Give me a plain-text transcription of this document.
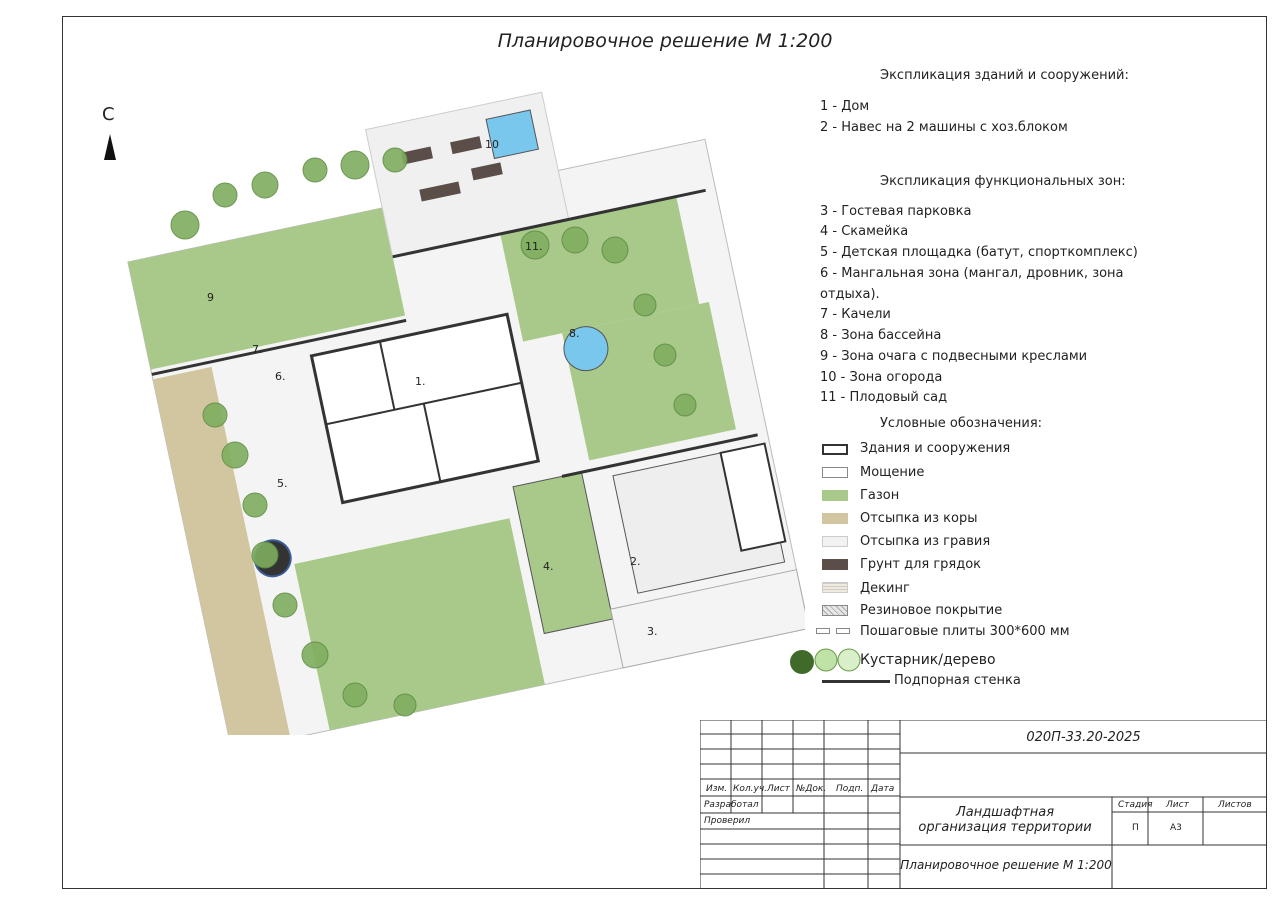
Планировочное решение М 1:200
С
1.
2.
3.
4.
5.
6.
7.
8.
9
10
11.
Экспликация зданий и сооружений:
1 - Дом
2 - Навес на 2 машины с хоз.блоком
Экспликация функциональных зон:
3 - Гостевая парковка
4 - Скамейка
5 - Детская площадка (батут, спорткомплекс)
6 - Мангальная зона (мангал, дровник, зона
отдыха).
7 - Качели
8 - Зона бассейна
9 - Зона очага с подвесными креслами
10 - Зона огорода
11 - Плодовый сад
Условные обозначения:
Здания и сооружения
Мощение
Газон
Отсыпка из коры
Отсыпка из гравия
Грунт для грядок
Декинг
Резиновое покрытие
Пошаговые плиты 300*600 мм
Кустарник/дерево
Подпорная стенка
020П-33.20-2025
Изм. Кол.уч. Лист №Док. Подп. Дата
Разработал
Проверил
Ландшафтная организация территории
Стадия Лист	Листов
П	А3
Планировочное решение М 1:200
